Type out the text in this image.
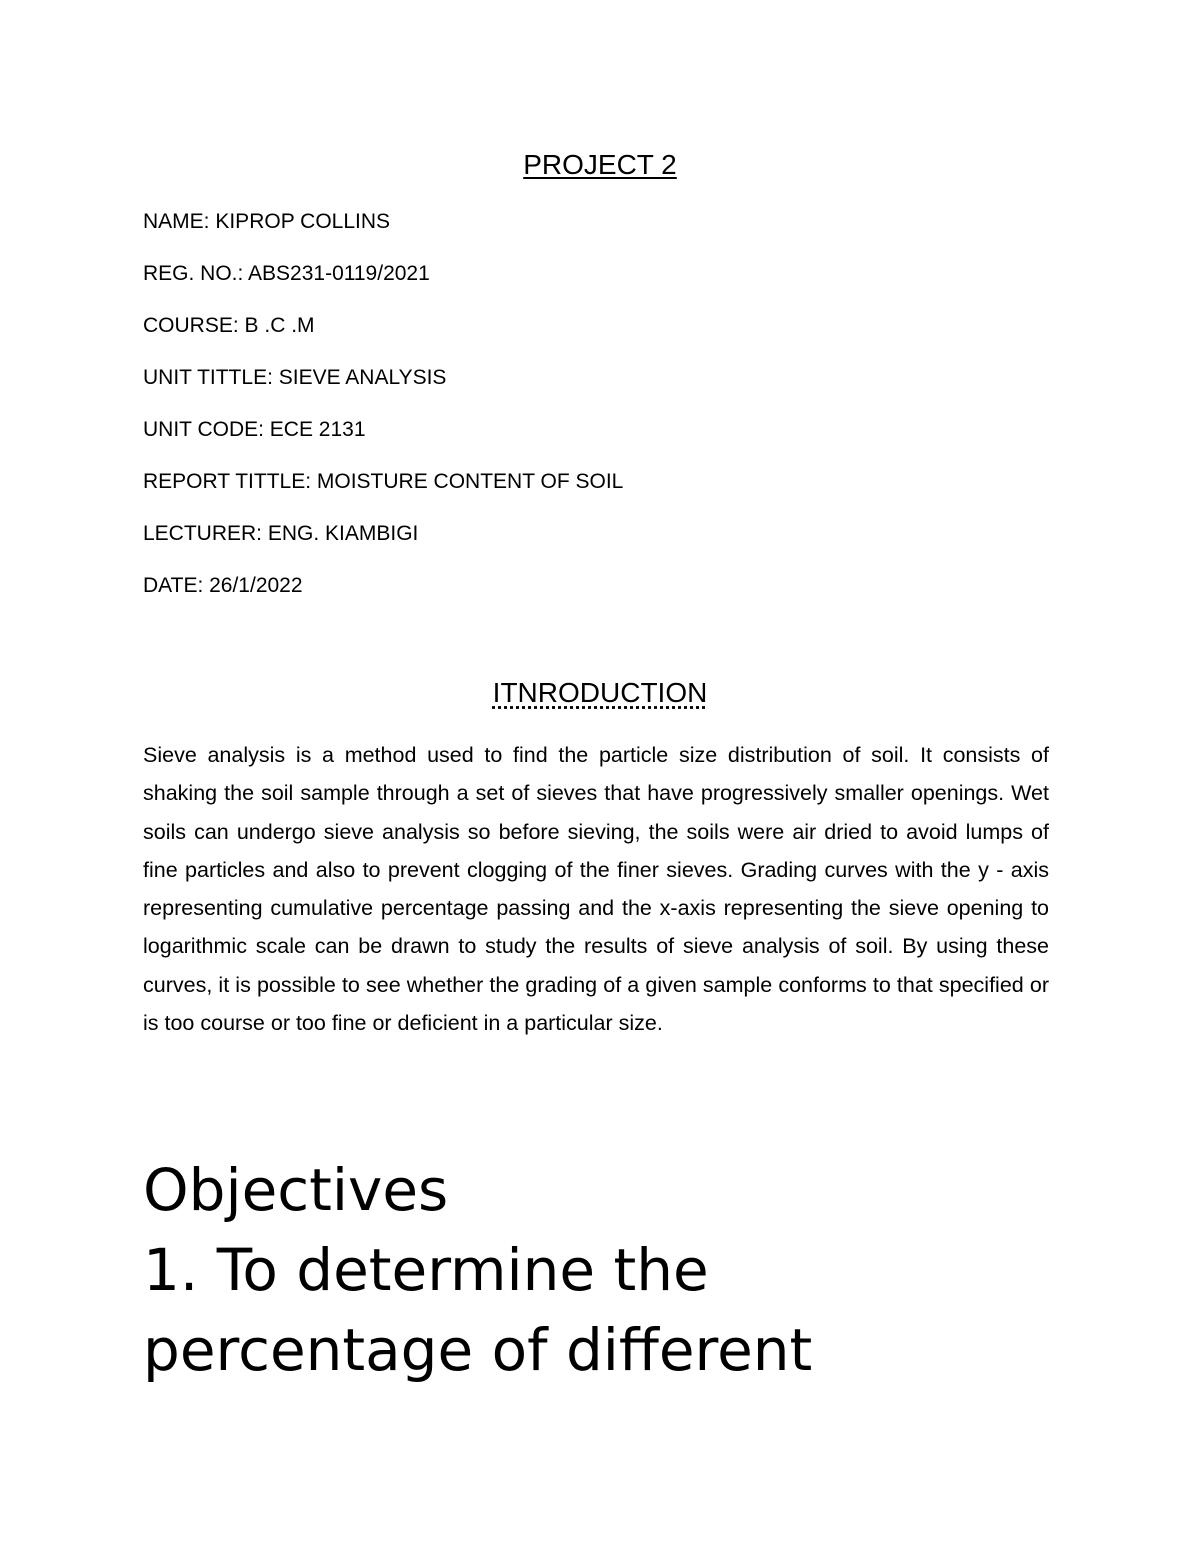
PROJECT 2
NAME: KIPROP COLLINS
REG. NO.: ABS231-0119/2021
COURSE: B .C .M
UNIT TITTLE: SIEVE ANALYSIS
UNIT CODE: ECE 2131
REPORT TITTLE: MOISTURE CONTENT OF SOIL
LECTURER: ENG. KIAMBIGI
DATE: 26/1/2022
ITNRODUCTION

Sieve analysis is a method used to find the particle size distribution of soil. It consists of shaking the soil sample through a set of sieves that have progressively smaller openings. Wet soils can undergo sieve analysis so before sieving, the soils were air dried to avoid lumps of fine particles and also to prevent clogging of the finer sieves. Grading curves with the y - axis representing cumulative percentage passing and the x-axis representing the sieve opening to logarithmic scale can be drawn to study the results of sieve analysis of soil. By using these curves, it is possible to see whether the grading of a given sample conforms to that specified or is too course or too fine or deficient in a particular size.

Objectives
1. To determine the
percentage of different
